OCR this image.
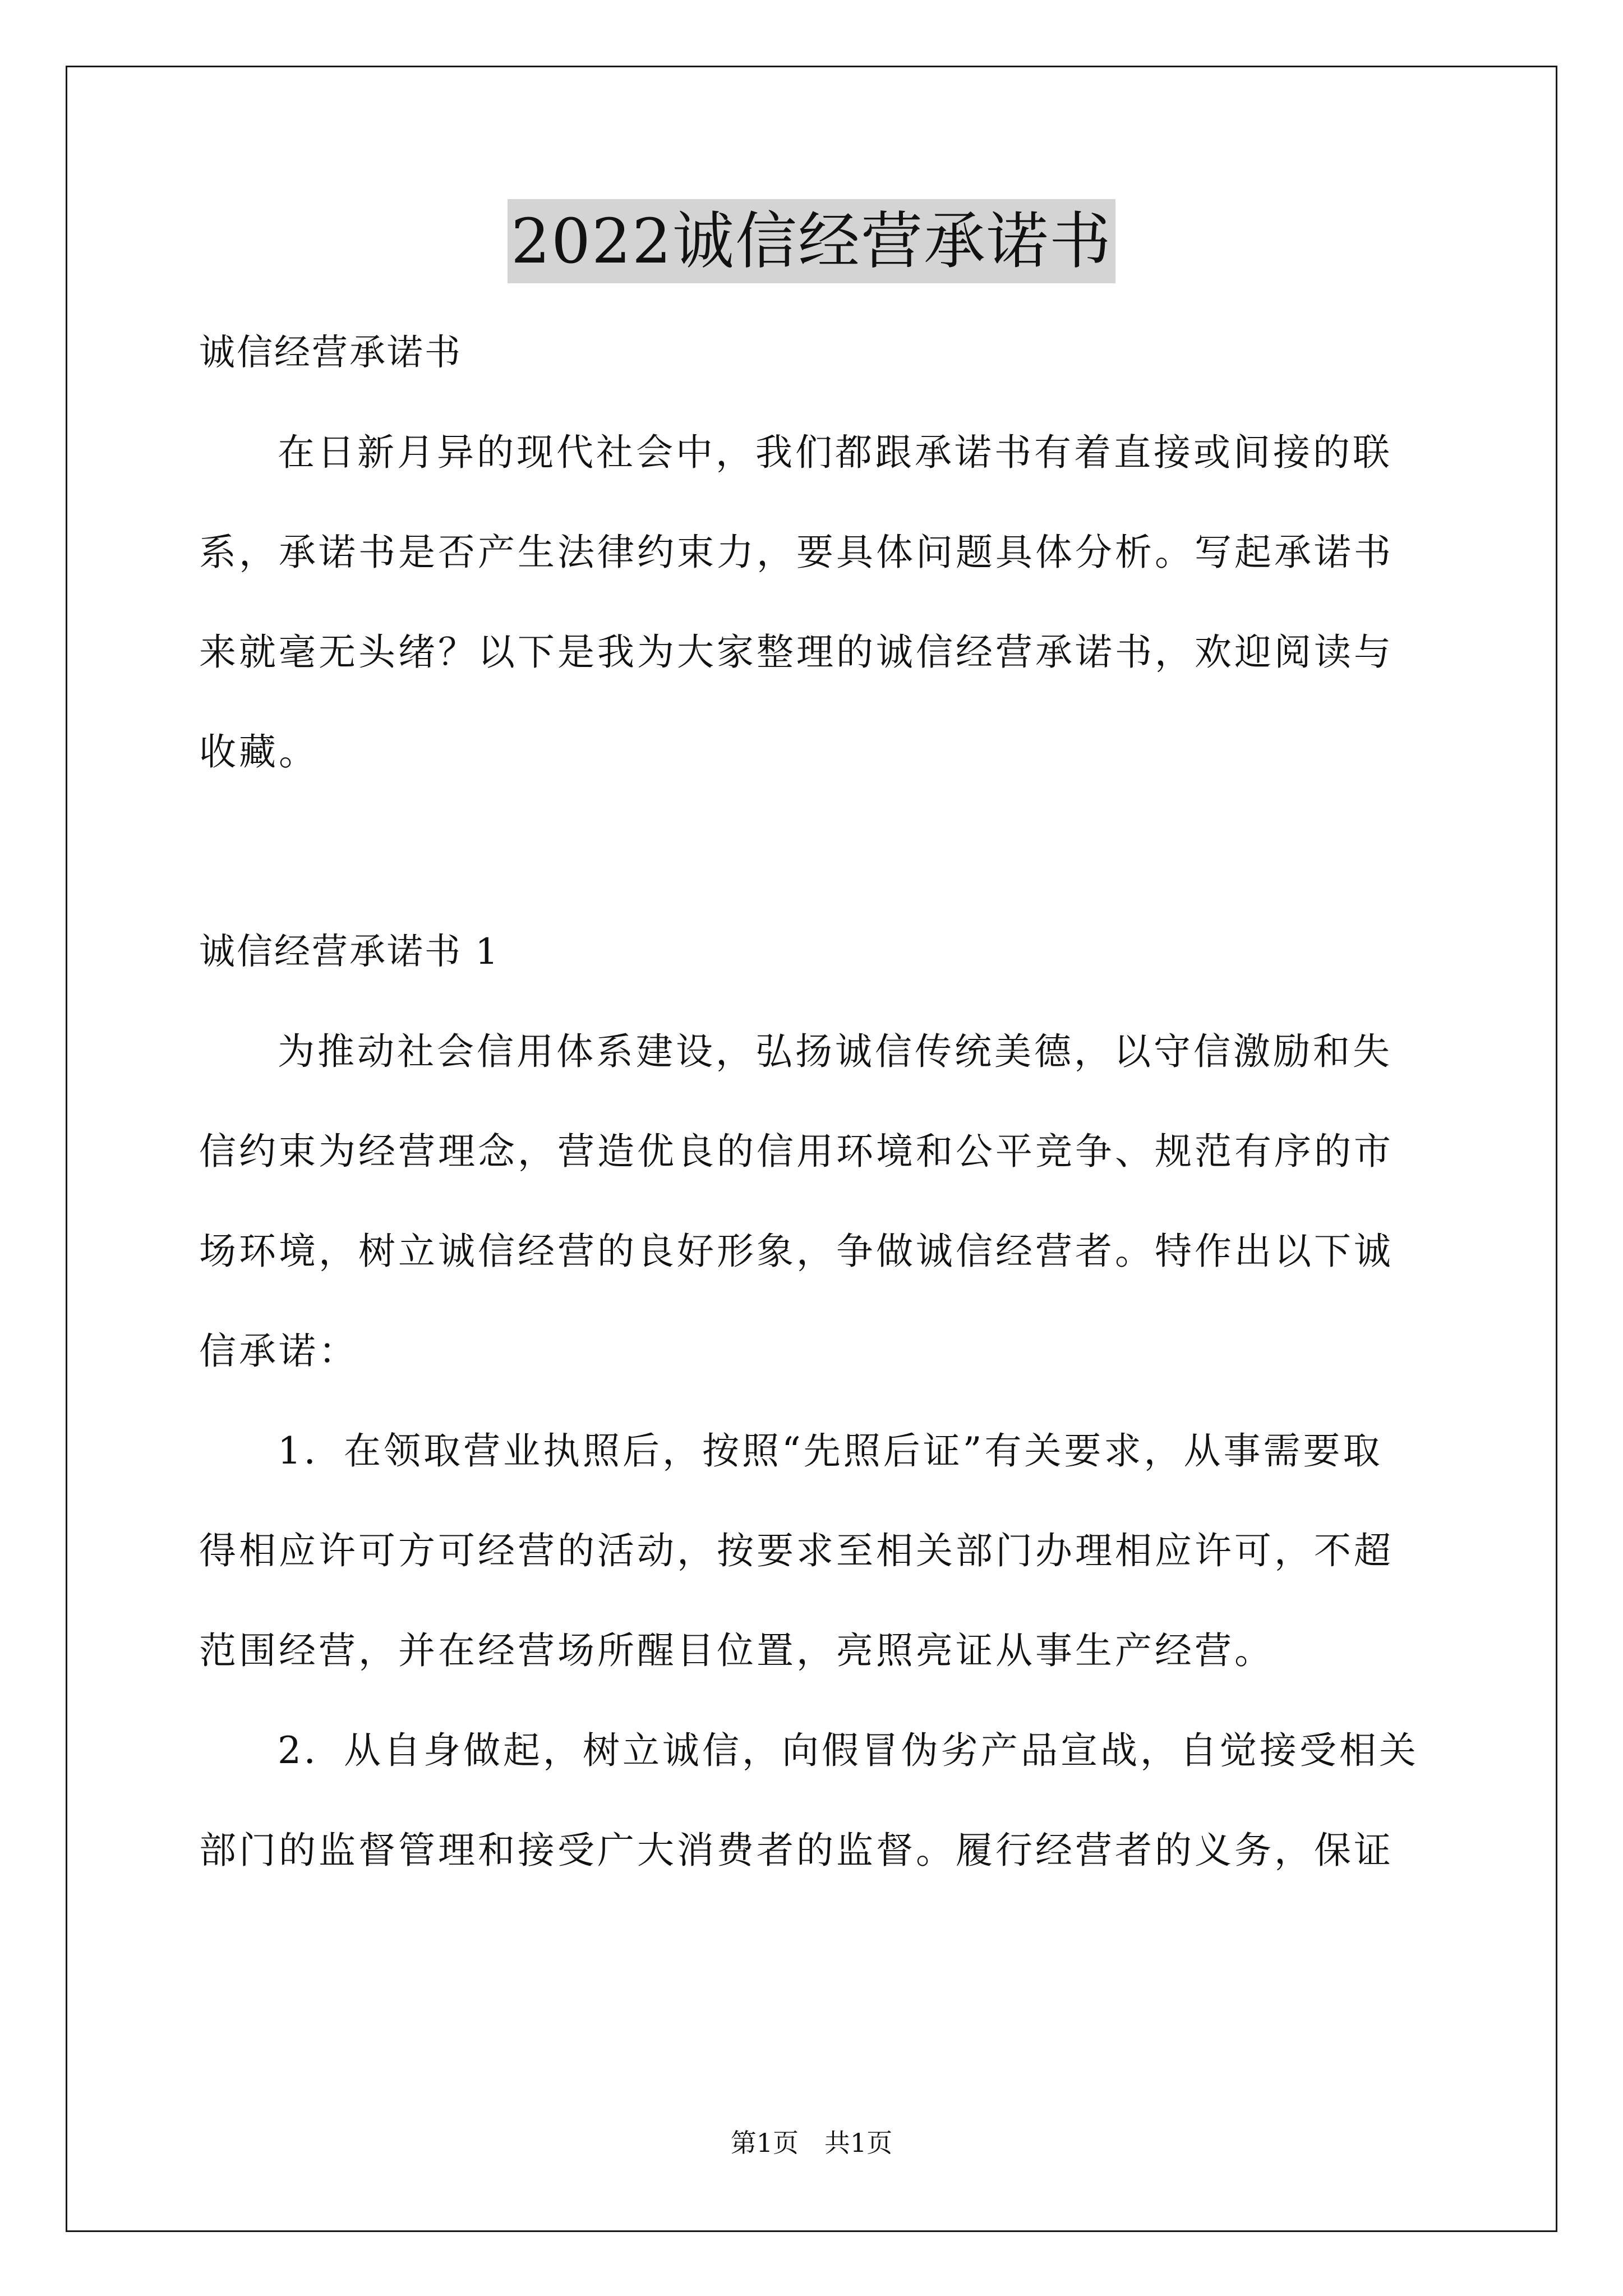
2022诚信经营承诺书
诚信经营承诺书
在日新月异的现代社会中，我们都跟承诺书有着直接或间接的联
系，承诺书是否产生法律约束力，要具体问题具体分析。写起承诺书
来就毫无头绪？以下是我为大家整理的诚信经营承诺书，欢迎阅读与
收藏。
诚信经营承诺书 1
为推动社会信用体系建设，弘扬诚信传统美德，以守信激励和失
信约束为经营理念，营造优良的信用环境和公平竞争、规范有序的市
场环境，树立诚信经营的良好形象，争做诚信经营者。特作出以下诚
信承诺：
1．在领取营业执照后，按照“先照后证”有关要求，从事需要取
得相应许可方可经营的活动，按要求至相关部门办理相应许可，不超
范围经营，并在经营场所醒目位置，亮照亮证从事生产经营。
2．从自身做起，树立诚信，向假冒伪劣产品宣战，自觉接受相关
部门的监督管理和接受广大消费者的监督。履行经营者的义务，保证
第1页　共1页
